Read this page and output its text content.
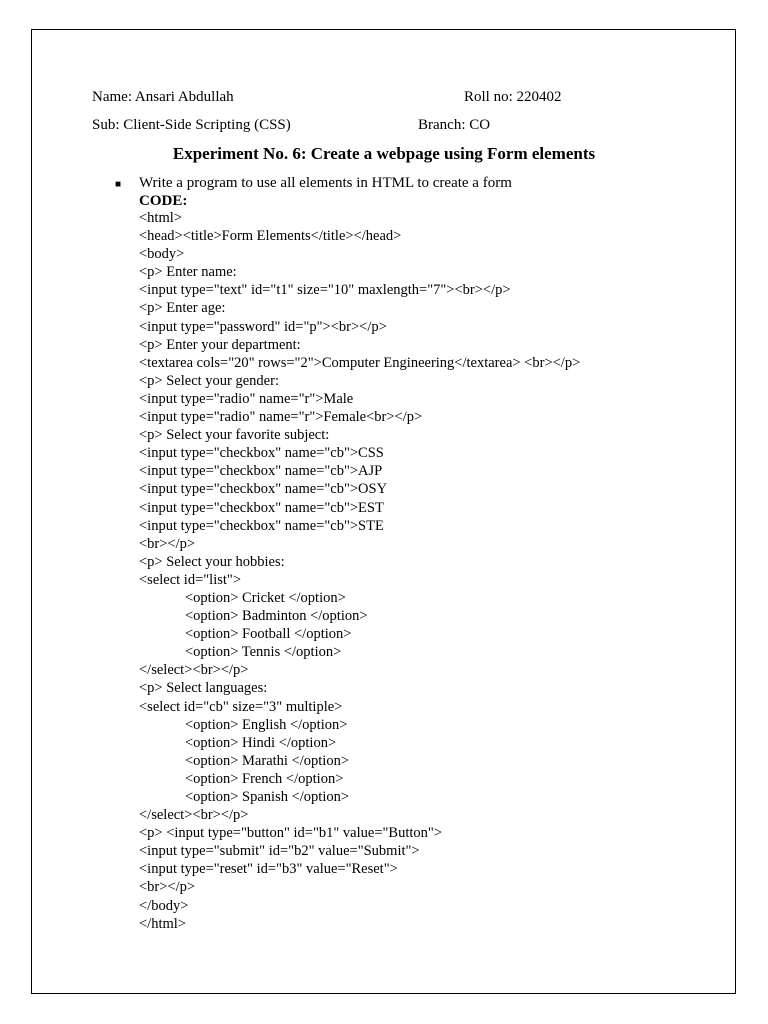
Name: Ansari Abdullah	Roll no: 220402
Sub: Client-Side Scripting (CSS)	Branch: CO
Experiment No. 6: Create a webpage using Form elements
■ Write a program to use all elements in HTML to create a form
CODE:
<html>
<head><title>Form Elements</title></head>
<body>
<p> Enter name:
<input type="text" id="t1" size="10" maxlength="7"><br></p>
<p> Enter age:
<input type="password" id="p"><br></p>
<p> Enter your department:
<textarea cols="20" rows="2">Computer Engineering</textarea> <br></p>
<p> Select your gender:
<input type="radio" name="r">Male
<input type="radio" name="r">Female<br></p>
<p> Select your favorite subject:
<input type="checkbox" name="cb">CSS
<input type="checkbox" name="cb">AJP
<input type="checkbox" name="cb">OSY
<input type="checkbox" name="cb">EST
<input type="checkbox" name="cb">STE
<br></p>
<p> Select your hobbies:
<select id="list">
<option> Cricket </option>
<option> Badminton </option>
<option> Football </option>
<option> Tennis </option>
</select><br></p>
<p> Select languages:
<select id="cb" size="3" multiple>
<option> English </option>
<option> Hindi </option>
<option> Marathi </option>
<option> French </option>
<option> Spanish </option>
</select><br></p>
<p> <input type="button" id="b1" value="Button">
<input type="submit" id="b2" value="Submit">
<input type="reset" id="b3" value="Reset">
<br></p>
</body>
</html>
